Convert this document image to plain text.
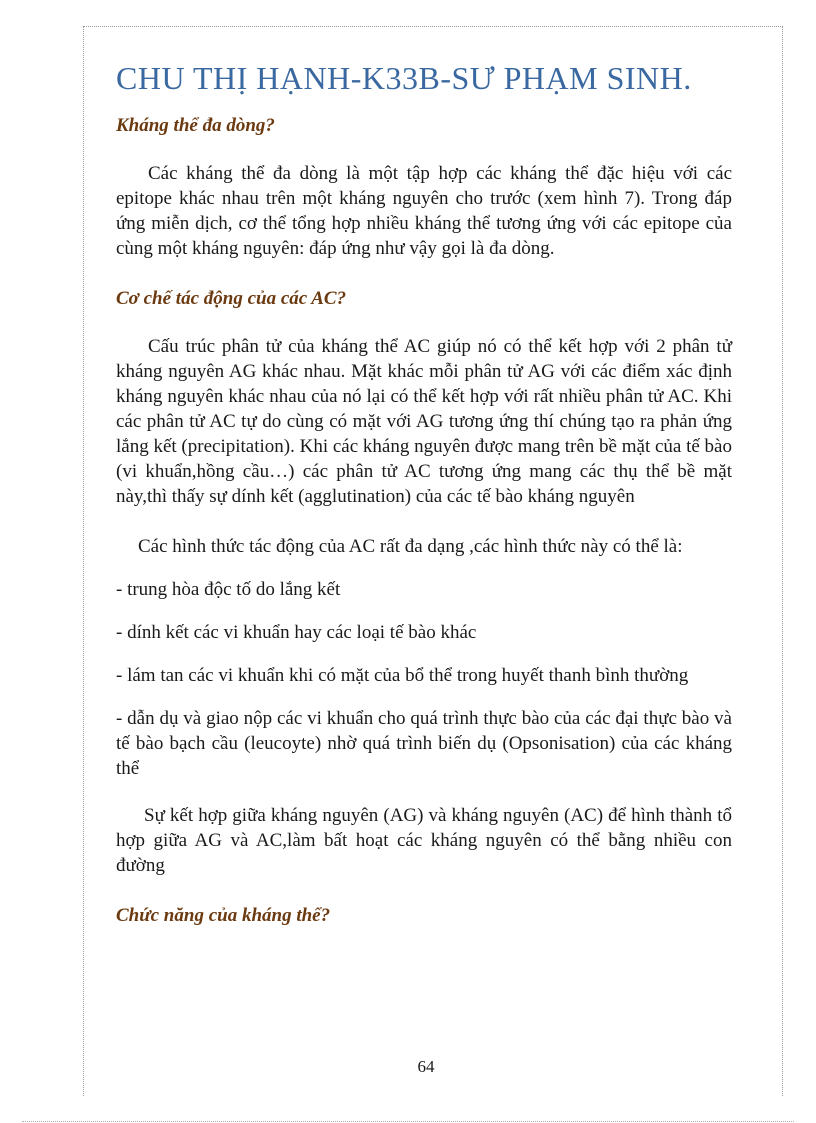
CHU THỊ HẠNH-K33B-SƯ PHẠM SINH.

Kháng thể đa dòng?

Các kháng thể đa dòng là một tập hợp các kháng thể đặc hiệu với các epitope khác nhau trên một kháng nguyên cho trước (xem hình 7). Trong đáp ứng miễn dịch, cơ thể tổng hợp nhiều kháng thể tương ứng với các epitope của cùng một kháng nguyên: đáp ứng như vậy gọi là đa dòng.

Cơ chế tác động của các AC?

Cấu trúc phân tử của kháng thể AC giúp nó có thể kết hợp với 2 phân tử kháng nguyên AG khác nhau. Mặt khác mỗi phân tử AG với các điểm xác định kháng nguyên khác nhau của nó lại có thể kết hợp với rất nhiều phân tử AC. Khi các phân tử AC tự do cùng có mặt với AG tương ứng thí chúng tạo ra phản ứng lắng kết (precipitation). Khi các kháng nguyên được mang trên bề mặt của tế bào (vi khuẩn,hồng cầu…) các phân tử AC tương ứng mang các thụ thể bề mặt này,thì thấy sự dính kết (agglutination) của các tế bào kháng nguyên

Các hình thức tác động của AC rất đa dạng ,các hình thức này có thể là:

- trung hòa độc tố do lắng kết

- dính kết các vi khuẩn hay các loại tế bào khác

- lám tan các vi khuẩn khi có mặt của bổ thể trong huyết thanh bình thường

- dẫn dụ và giao nộp các vi khuẩn cho quá trình thực bào của các đại thực bào và tế bào bạch cầu (leucoyte) nhờ quá trình biến dụ (Opsonisation) của các kháng thể

Sự kết hợp giữa kháng nguyên (AG) và kháng nguyên (AC) để hình thành tổ hợp giữa AG và AC,làm bất hoạt các kháng nguyên có thể bằng nhiều con đường

Chức năng của kháng thể?

64
